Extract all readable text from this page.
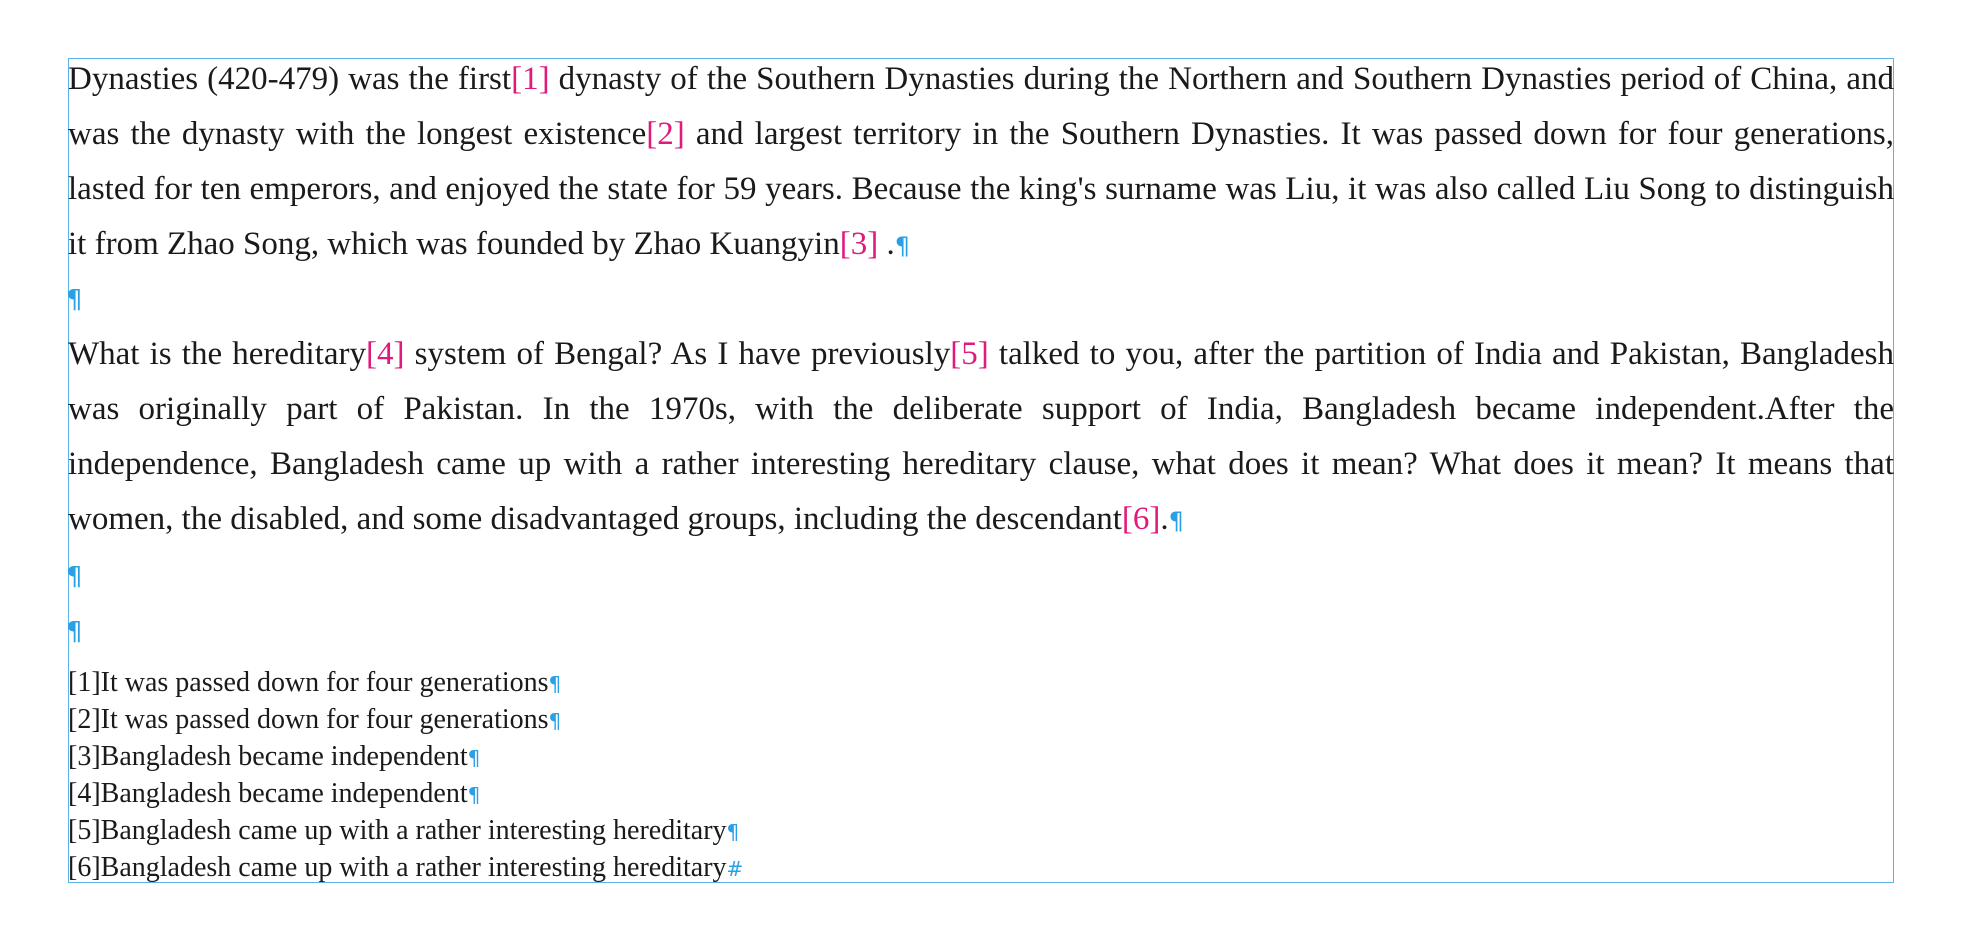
Dynasties (420-479) was the first[1] dynasty of the Southern Dynasties during the Northern and Southern Dynasties period of China, and was the dynasty with the longest existence[2] and largest territory in the Southern Dynasties. It was passed down for four generations, lasted for ten emperors, and enjoyed the state for 59 years. Because the king's surname was Liu, it was also called Liu Song to distinguish it from Zhao Song, which was founded by Zhao Kuangyin[3] .¶

¶

What is the hereditary[4] system of Bengal? As I have previously[5] talked to you, after the partition of India and Pakistan, Bangladesh was originally part of Pakistan. In the 1970s, with the deliberate support of India, Bangladesh became independent.After the independence, Bangladesh came up with a rather interesting hereditary clause, what does it mean? What does it mean? It means that women, the disabled, and some disadvantaged groups, including the descendant[6].¶

¶
¶
[1]It was passed down for four generations¶
[2]It was passed down for four generations¶
[3]Bangladesh became independent¶
[4]Bangladesh became independent¶
[5]Bangladesh came up with a rather interesting hereditary¶
[6]Bangladesh came up with a rather interesting hereditary#
